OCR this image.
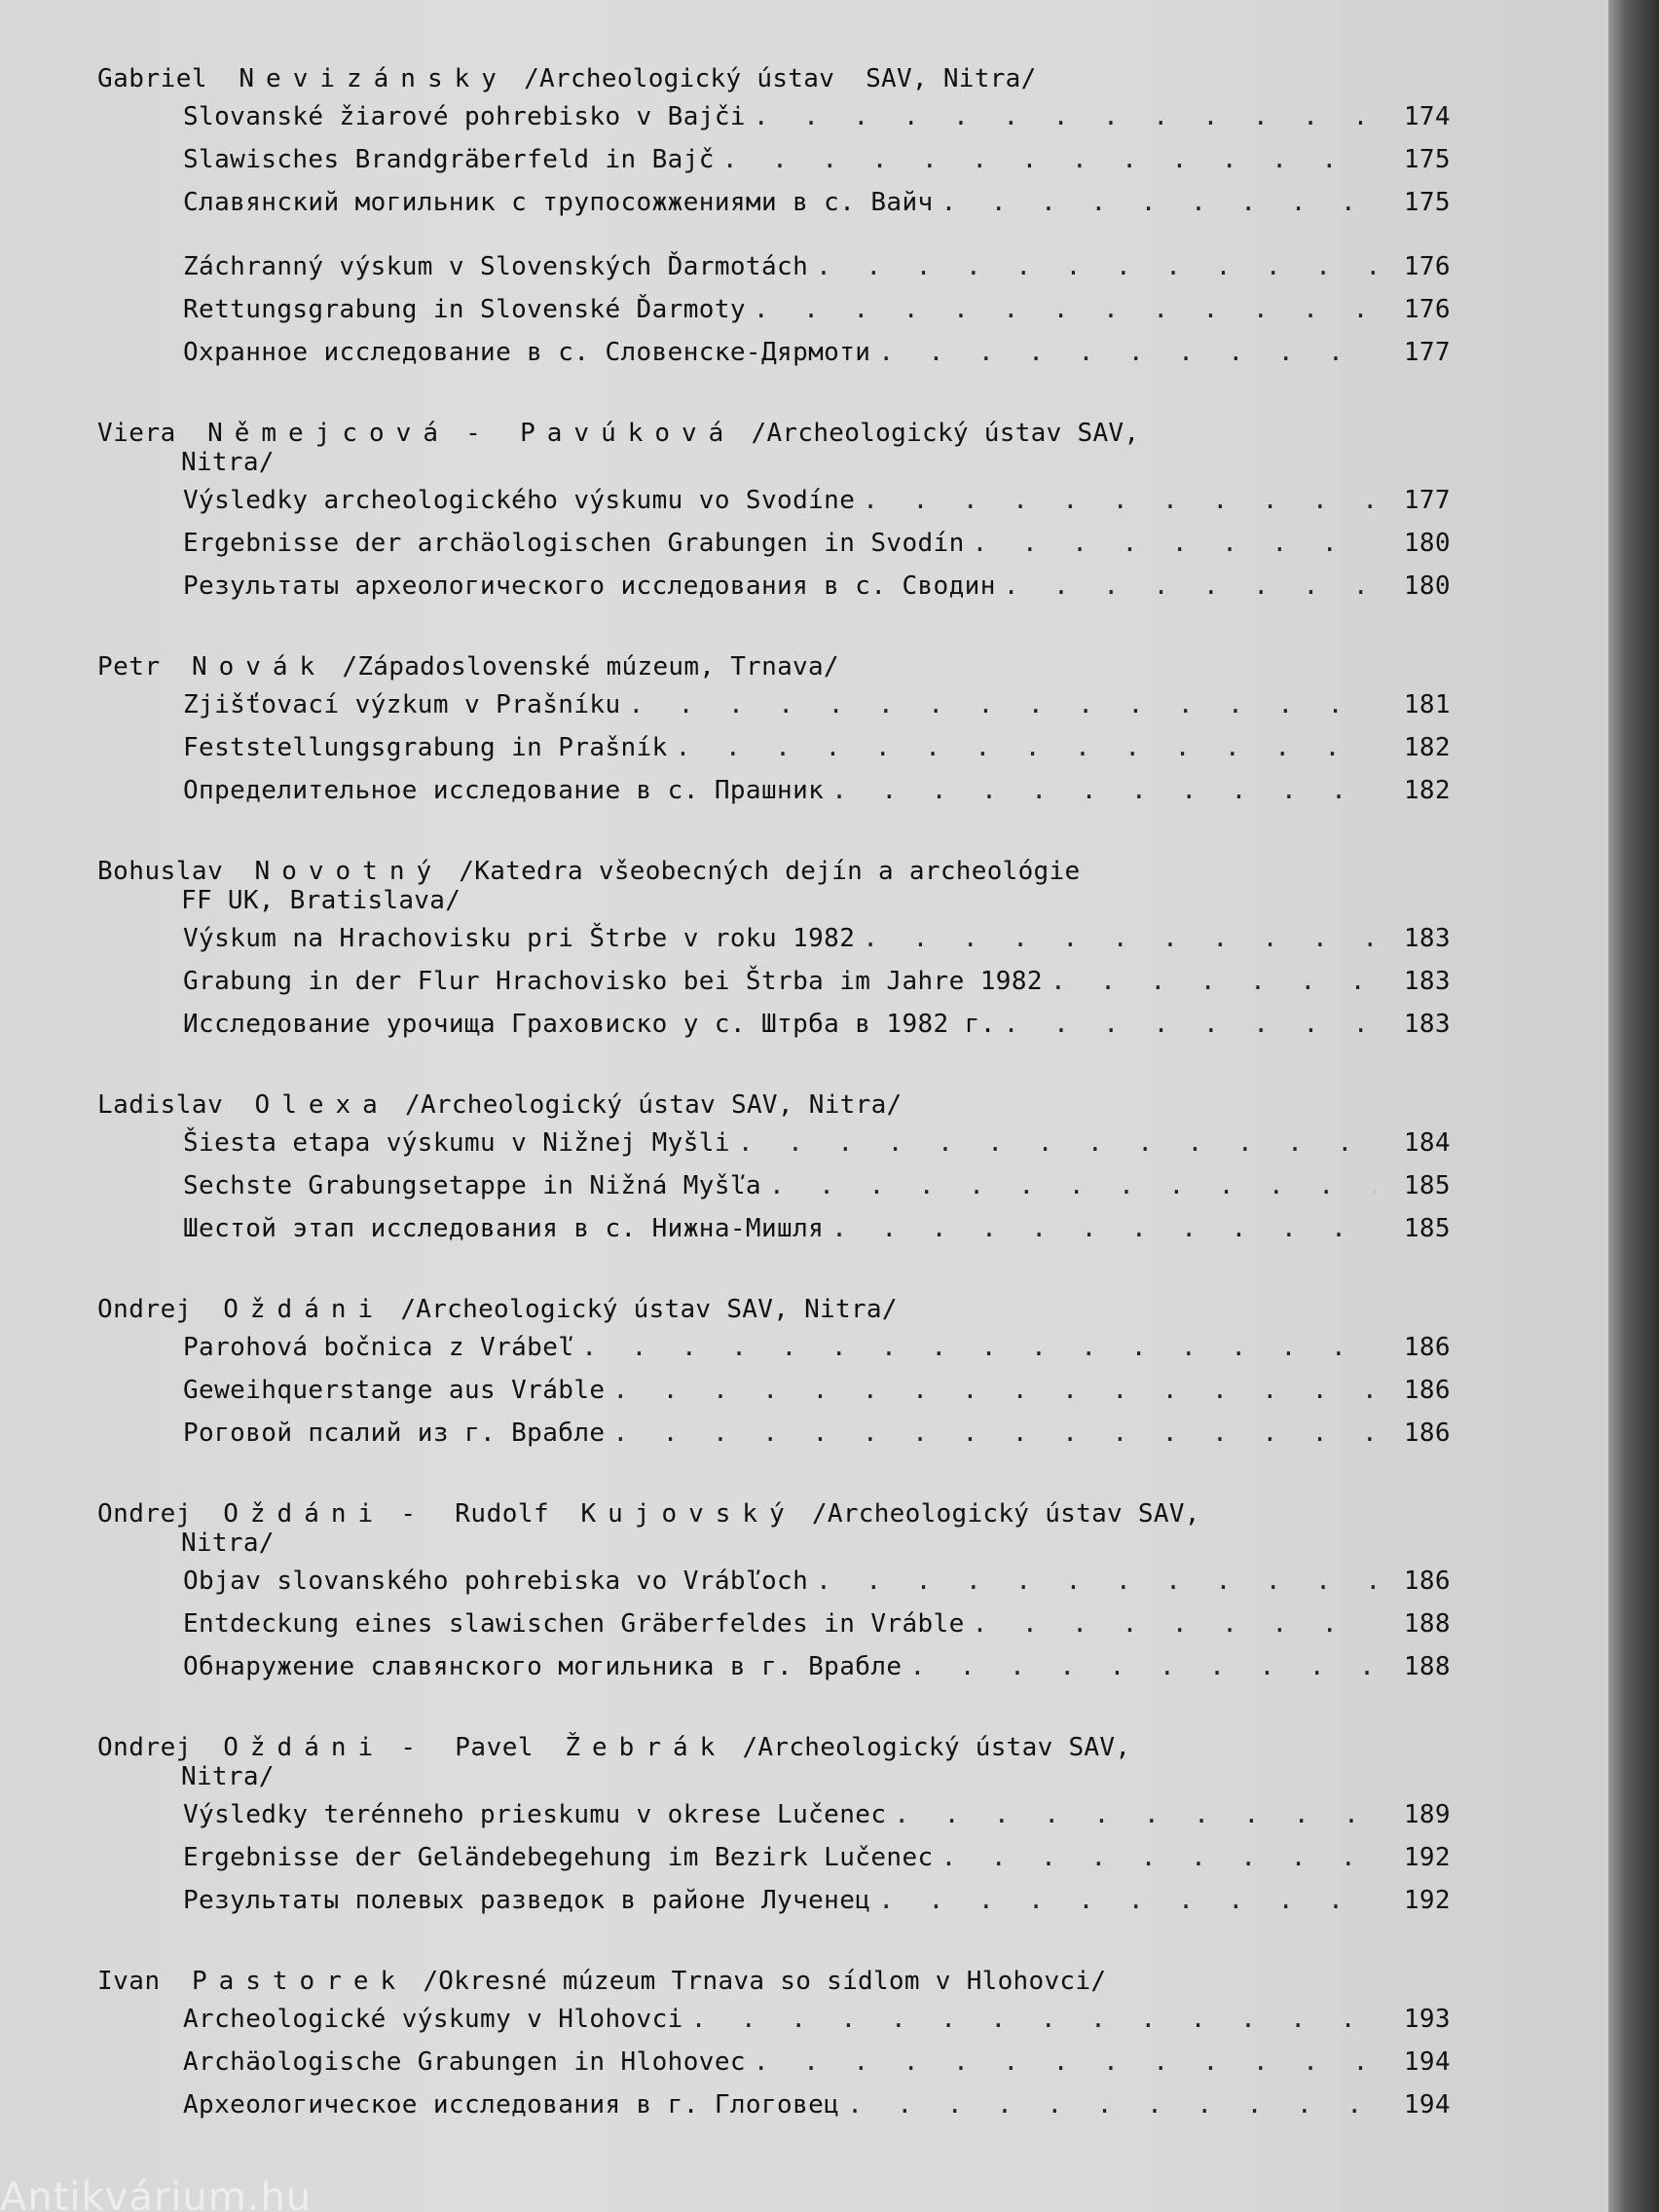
Gabriel Nevizánsky /Archeologický ústav  SAV, Nitra/
Slovanské žiarové pohrebisko v Bajči . . .	174
Slawisches Brandgräberfeld in Bajč . . .	175
Славянский могильник с трупосожжениями в с. Вайч . . .	175
Záchranný výskum v Slovenských Ďarmotách . . .	176
Rettungsgrabung in Slovenské Ďarmoty . . .	176
Охранное исследование в с. Словенске-Дярмоти . . .	177
Viera Němejcová - Pavúková /Archeologický ústav SAV,
Nitra/
Výsledky archeologického výskumu vo Svodíne . . .	177
Ergebnisse der archäologischen Grabungen in Svodín . . .	180
Результаты археологического исследования в с. Сводин . . .	180
Petr Novák /Západoslovenské múzeum, Trnava/
Zjišťovací výzkum v Prašníku . . .	181
Feststellungsgrabung in Prašník . . .	182
Определительное исследование в с. Прашник . . .	182
Bohuslav Novotný /Katedra všeobecných dejín a archeológie
FF UK, Bratislava/
Výskum na Hrachovisku pri Štrbe v roku 1982 . . .	183
Grabung in der Flur Hrachovisko bei Štrba im Jahre 1982 . . .	183
Исследование урочища Граховиско у с. Штрба в 1982 г. . . .	183
Ladislav Olexa /Archeologický ústav SAV, Nitra/
Šiesta etapa výskumu v Nižnej Myšli . . .	184
Sechste Grabungsetappe in Nižná Myšľa . . .	185
Шестой этап исследования в с. Нижна-Мишля . . .	185
Ondrej Oždáni /Archeologický ústav SAV, Nitra/
Parohová bočnica z Vrábeľ . . .	186
Geweihquerstange aus Vráble . . .	186
Роговой псалий из г. Врабле . . .	186
Ondrej Oždáni - Rudolf Kujovský /Archeologický ústav SAV,
Nitra/
Objav slovanského pohrebiska vo Vrábľoch . . .	186
Entdeckung eines slawischen Gräberfeldes in Vráble . . .	188
Обнаружение славянского могильника в г. Врабле . . .	188
Ondrej Oždáni - Pavel Žebrák /Archeologický ústav SAV,
Nitra/
Výsledky terénneho prieskumu v okrese Lučenec . . .	189
Ergebnisse der Geländebegehung im Bezirk Lučenec . . .	192
Результаты полевых разведок в районе Лученец . . .	192
Ivan Pastorek /Okresné múzeum Trnava so sídlom v Hlohovci/
Archeologické výskumy v Hlohovci . . .	193
Archäologische Grabungen in Hlohovec . . .	194
Археологическое исследования в г. Глоговец . . .	194
Antikvárium.hu
